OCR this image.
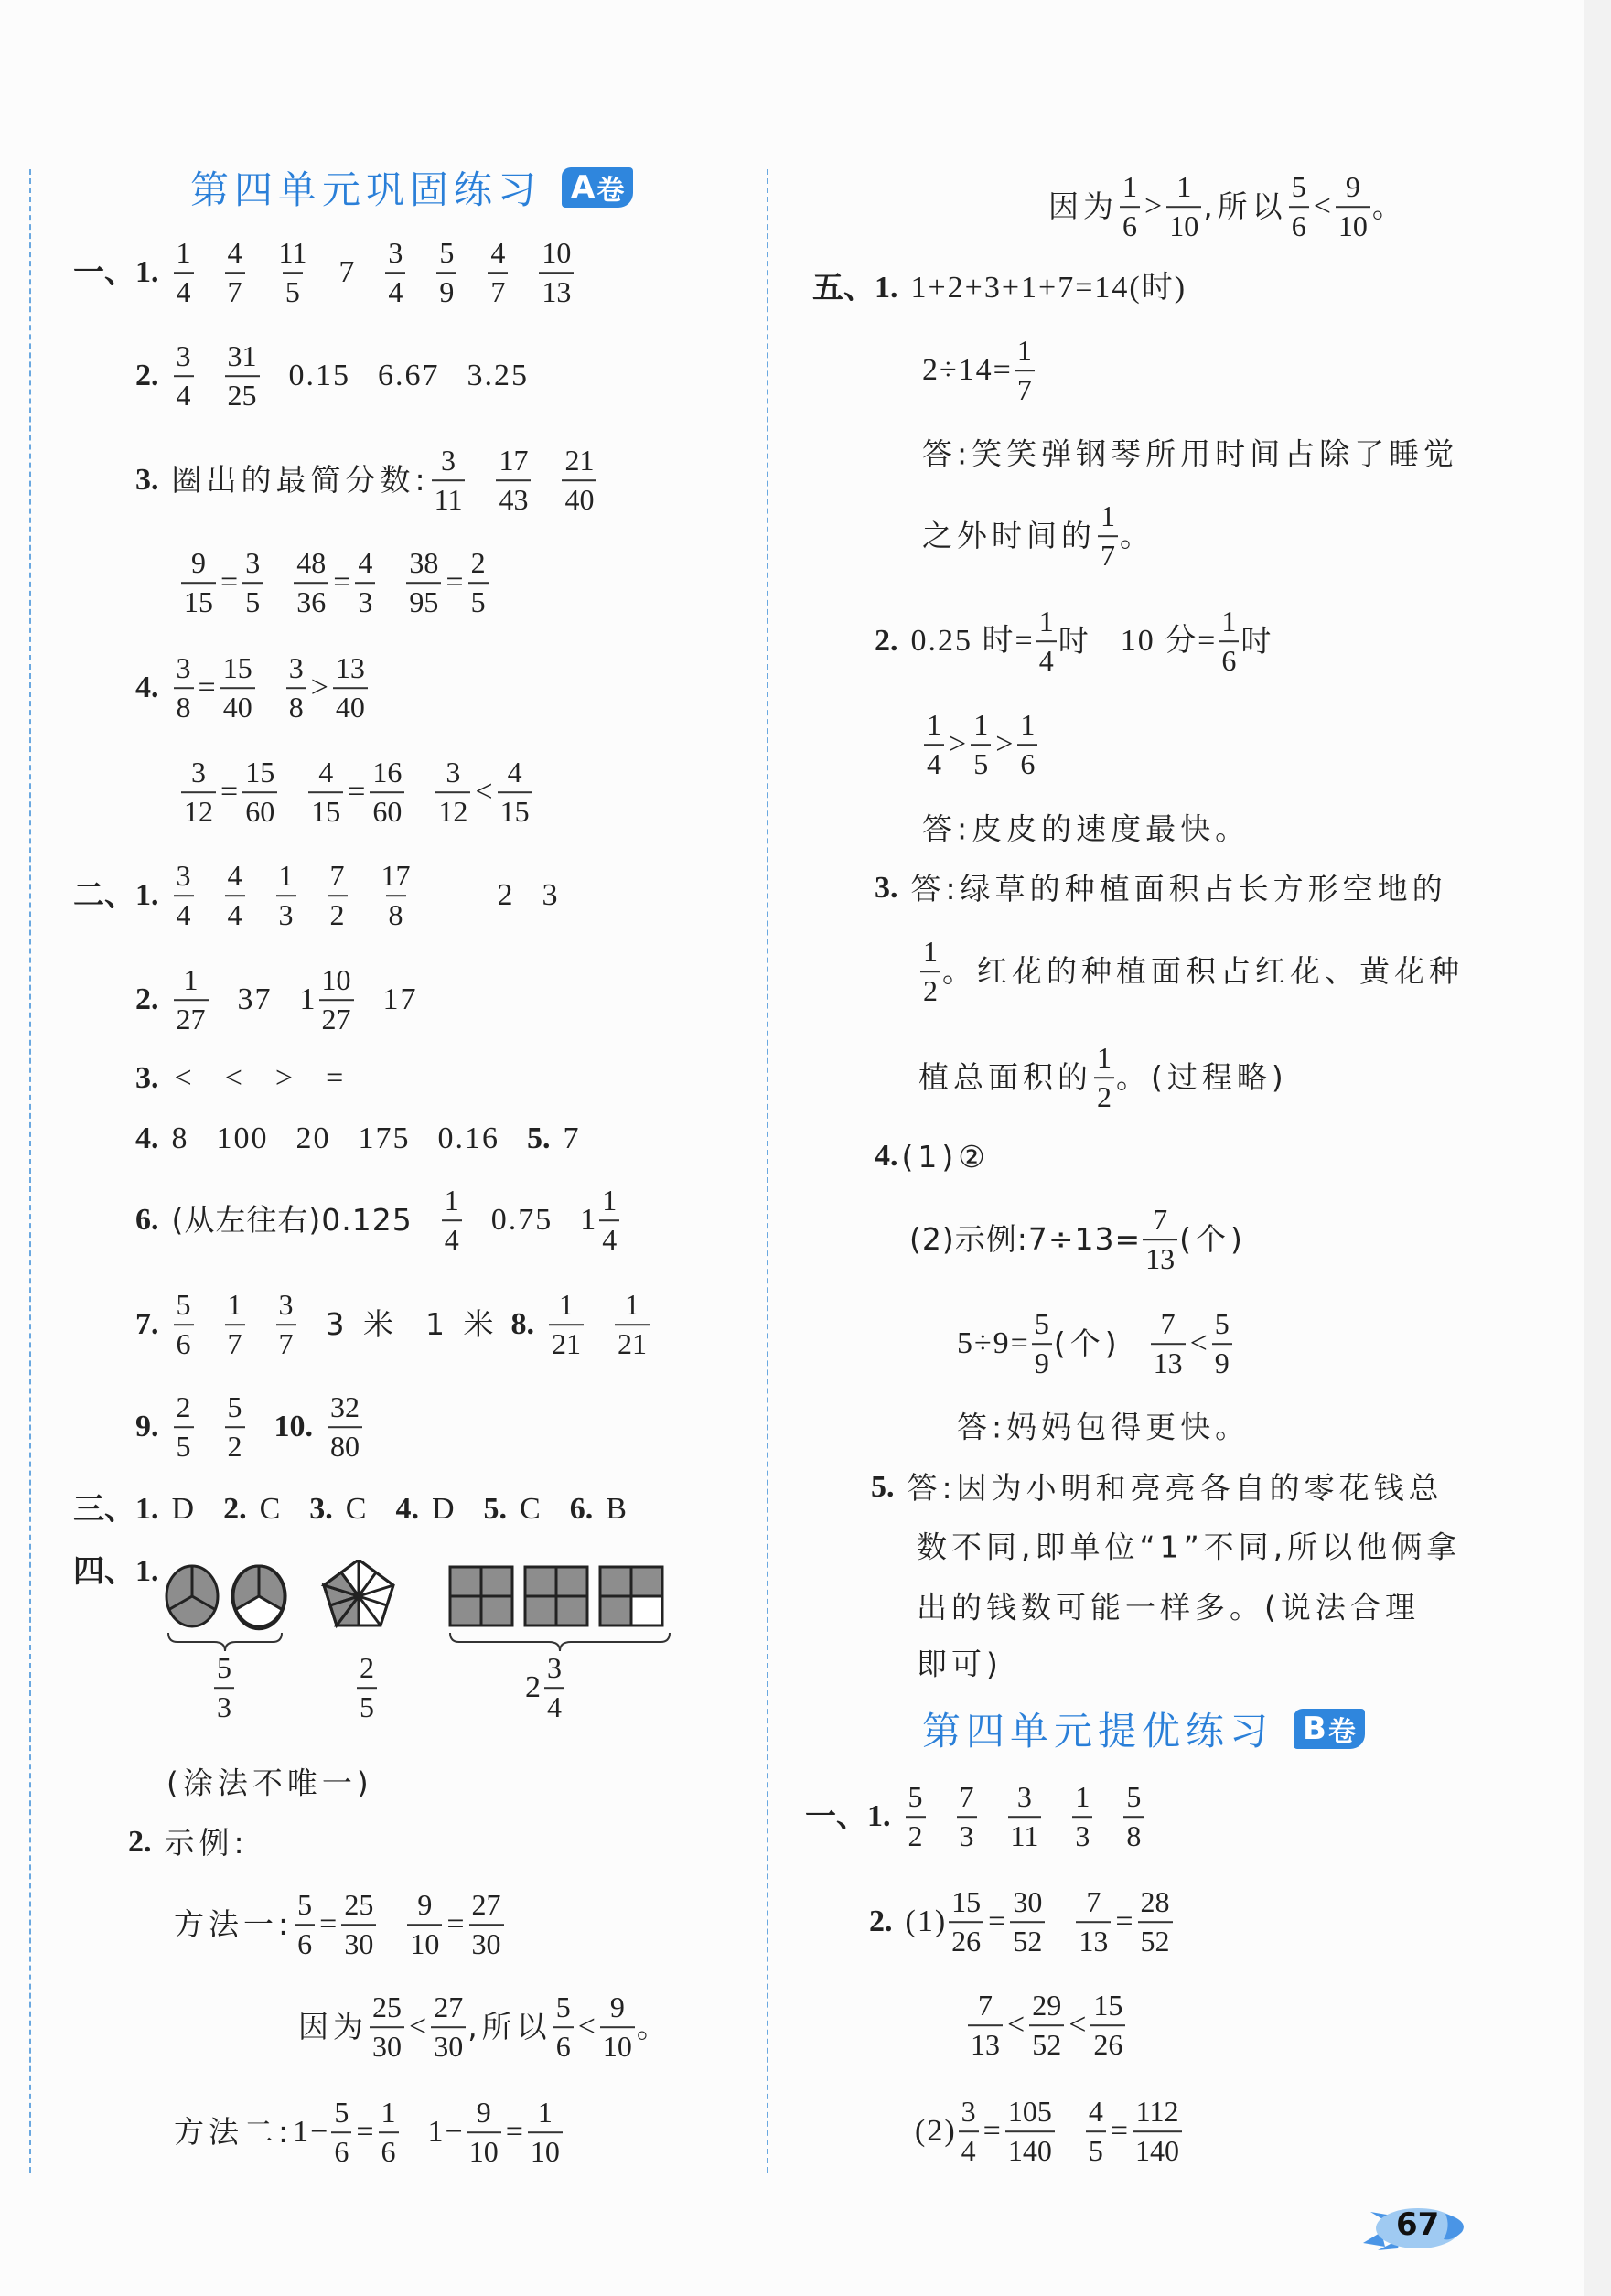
第四单元巩固练习 A 卷
一、 1. $\frac{1}{4} \frac{4}{7} \frac{11}{5} 7 \frac{3}{4} \frac{5}{9} \frac{4}{7} \frac{10}{13}$
2. $\frac{3}{4} \frac{31}{25} 0.15$ 6.67 3.25
3. 圈出的最简分数: $\frac{3}{11} \frac{17}{43} \frac{21}{40}$
$\frac{9}{15} = \frac{3}{5} \frac{48}{36} = \frac{4}{3} \frac{38}{95} = \frac{2}{5}$
4. $\frac{3}{8} = \frac{15}{40} \frac{3}{8} > \frac{13}{40}$
$\frac{3}{12} = \frac{15}{60} \frac{4}{15} = \frac{16}{60} \frac{3}{12} < \frac{4}{15}$
二、 1. $\frac{3}{4} \frac{4}{4} \frac{1}{3} \frac{7}{2} \frac{17}{8}$	2 3
2. $\frac{1}{27} 37$ $1 \frac{10}{27} 17$
3. < < > =
4. 8 100 20 175 0.16 5. 7
6. (从左往右)$0.125 \frac{1}{4} 0.75$ $1 \frac{1}{4}$
7. $\frac{5}{6} \frac{1}{7} \frac{3}{7} 3$ 米 1 米 8. $\frac{1}{21} \frac{1}{21}$
9. $\frac{2}{5} \frac{5}{2} 10$. $\frac{32}{80}$
三、 1. D 2. C 3. C 4. D 5. C 6. B
四、 1.
$\frac{5}{3}$	$\frac{2}{5}$	$2 \frac{3}{4}$
(涂法不唯一)
2. 示例:
方法一: $\frac{5}{6} = \frac{25}{30} \frac{9}{10} = \frac{27}{30}$
因为 $\frac{25}{30} < \frac{27}{30}$ ,所以 $\frac{5}{6} < \frac{9}{10}$ 。
方法二: $1- \frac{5}{6} = \frac{1}{6} 1- \frac{9}{10} = \frac{1}{10}$
因为 $\frac{1}{6} > \frac{1}{10}$ ,所以 $\frac{5}{6} < \frac{9}{10}$ 。
五、 1. 1+2+3+1+7=14(时)
$2\div 14= \frac{1}{7}$
答:笑笑弹钢琴所用时间占除了睡觉
之外时间的 $\frac{1}{7}$ 。
2. 0.25 时= $\frac{1}{4}$ 时 10 分= $\frac{1}{6}$ 时
$\frac{1}{4} > \frac{1}{5} > \frac{1}{6}$
答:皮皮的速度最快。
3. 答:绿草的种植面积占长方形空地的
$\frac{1}{2}$ 。红花的种植面积占红花、黄花种
植总面积的 $\frac{1}{2}$ 。(过程略)
4. (1)②
(2)示例:7÷13= $\frac{7}{13}$ (个)
$5\div 9= \frac{5}{9}$ (个) $\frac{7}{13} < \frac{5}{9}$
答:妈妈包得更快。
5. 答:因为小明和亮亮各自的零花钱总
数不同,即单位“1”不同,所以他俩拿
出的钱数可能一样多。(说法合理
即可)
第四单元提优练习 B 卷
一、 1. $\frac{5}{2} \frac{7}{3} \frac{3}{11} \frac{1}{3} \frac{5}{8}$
2. $(1) \frac{15}{26} = \frac{30}{52} \frac{7}{13} = \frac{28}{52}$
$\frac{7}{13} < \frac{29}{52} < \frac{15}{26}$
$(2) \frac{3}{4} = \frac{105}{140} \frac{4}{5} = \frac{112}{140}$
67
